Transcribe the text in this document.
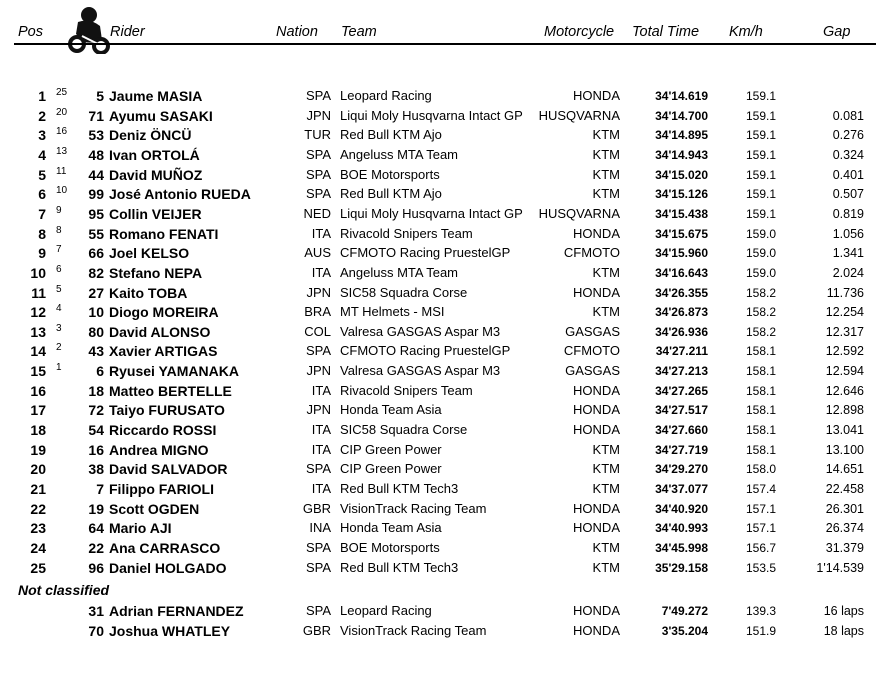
Pos	Rider	Nation Team	Motorcycle Total Time Km/h	Gap
1 25 5 Jaume MASIA	SPA Leopard Racing	HONDA	34'14.619	159.1
2 20 71 Ayumu SASAKI	JPN Liqui Moly Husqvarna Intact GP HUSQVARNA	34'14.700	159.1	0.081
3 16 53 Deniz ÖNCÜ	TUR Red Bull KTM Ajo	KTM	34'14.895	159.1	0.276
4 13 48 Ivan ORTOLÁ	SPA Angeluss MTA Team	KTM	34'14.943	159.1	0.324
5 11 44 David MUÑOZ	SPA BOE Motorsports	KTM	34'15.020	159.1	0.401
6 10 99 José Antonio RUEDA	SPA Red Bull KTM Ajo	KTM	34'15.126	159.1	0.507
7 9 95 Collin VEIJER	NED Liqui Moly Husqvarna Intact GP HUSQVARNA	34'15.438	159.1	0.819
8 8 55 Romano FENATI	ITA Rivacold Snipers Team	HONDA	34'15.675	159.0	1.056
9 7 66 Joel KELSO	AUS CFMOTO Racing PruestelGP	CFMOTO	34'15.960	159.0	1.341
10 6 82 Stefano NEPA	ITA Angeluss MTA Team	KTM	34'16.643	159.0	2.024
11 5 27 Kaito TOBA	JPN SIC58 Squadra Corse	HONDA	34'26.355	158.2	11.736
12 4 10 Diogo MOREIRA	BRA MT Helmets - MSI	KTM	34'26.873	158.2	12.254
13 3 80 David ALONSO	COL Valresa GASGAS Aspar M3	GASGAS	34'26.936	158.2	12.317
14 2 43 Xavier ARTIGAS	SPA CFMOTO Racing PruestelGP	CFMOTO	34'27.211	158.1	12.592
15 1 6 Ryusei YAMANAKA	JPN Valresa GASGAS Aspar M3	GASGAS	34'27.213	158.1	12.594
16	18 Matteo BERTELLE	ITA Rivacold Snipers Team	HONDA	34'27.265	158.1	12.646
17	72 Taiyo FURUSATO	JPN Honda Team Asia	HONDA	34'27.517	158.1	12.898
18	54 Riccardo ROSSI	ITA SIC58 Squadra Corse	HONDA	34'27.660	158.1	13.041
19	16 Andrea MIGNO	ITA CIP Green Power	KTM	34'27.719	158.1	13.100
20	38 David SALVADOR	SPA CIP Green Power	KTM	34'29.270	158.0	14.651
21	7 Filippo FARIOLI	ITA Red Bull KTM Tech3	KTM	34'37.077	157.4	22.458
22	19 Scott OGDEN	GBR VisionTrack Racing Team	HONDA	34'40.920	157.1	26.301
23	64 Mario AJI	INA Honda Team Asia	HONDA	34'40.993	157.1	26.374
24	22 Ana CARRASCO	SPA BOE Motorsports	KTM	34'45.998	156.7	31.379
25	96 Daniel HOLGADO	SPA Red Bull KTM Tech3	KTM	35'29.158	153.5	1'14.539
Not classified
31 Adrian FERNANDEZ	SPA Leopard Racing	HONDA	7'49.272	139.3	16 laps
70 Joshua WHATLEY	GBR VisionTrack Racing Team	HONDA	3'35.204	151.9	18 laps
